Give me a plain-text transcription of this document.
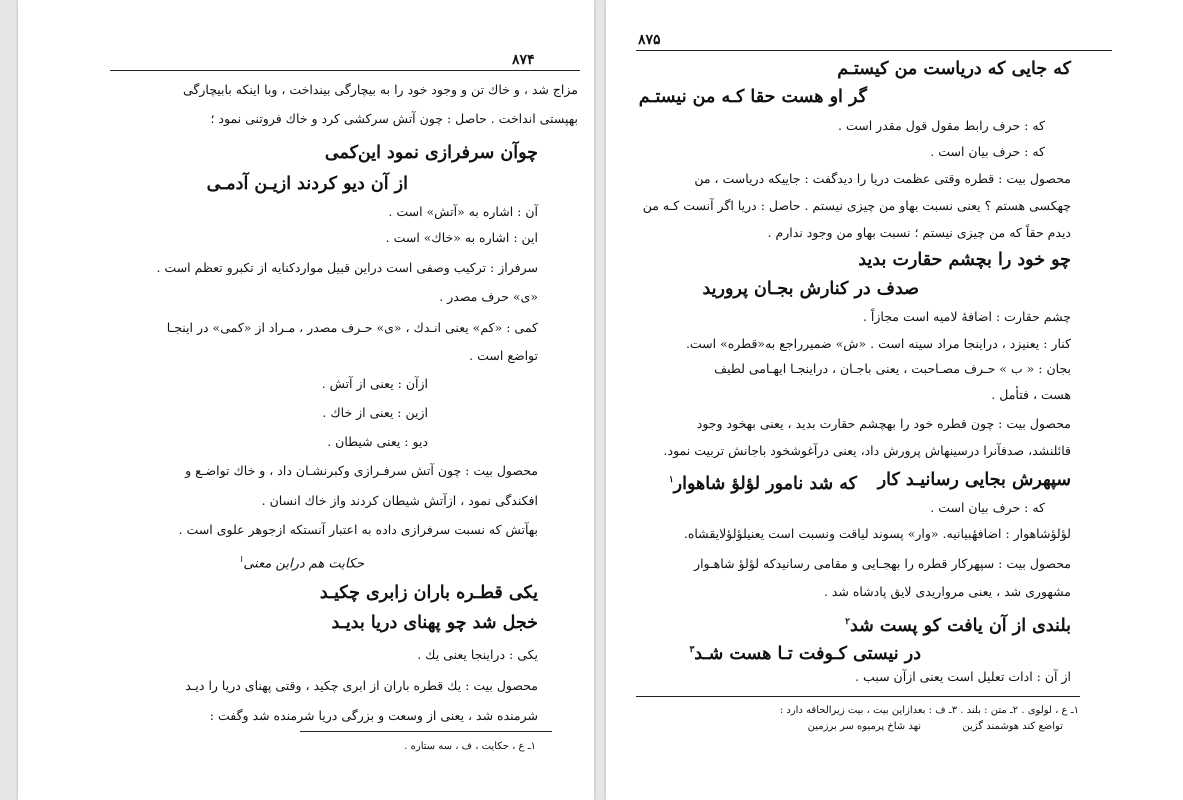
۸۷۴
مزاج شد ، و خاك تن و وجود خود را به بیچارگی بینداخت ، وبا اینکه بابیچارگی
بهپستی انداخت . حاصل : چون آتش سرکشی کرد و خاك فروتنی نمود ؛
چوآن سرفرازی نمود این‌کمی
از آن دیو کردند ازیـن آدمـی
آن : اشاره به «آتش» است .
این : اشاره به «خاك» است .
سرفراز : ترکیب وصفی است دراین قبیل مواردکنایه از تکبرو تعظم است .
«ی» حرف مصدر .
کمی : «کم» یعنی انـدك ، «ی» حـرف مصدر ، مـراد از «کمی» در اینجـا
تواضع است .
ازآن : یعنی از آتش .
ازین : یعنی از خاك .
دیو : یعنی شیطان .
محصول بیت : چون آتش سرفـرازی وکبرنشـان داد ، و خاك تواضـع و
افکندگی نمود ، ازآتش شیطان کردند واز خاك انسان .
بهآتش که نسبت سرفرازی داده به اعتبار آنستکه ازجوهر علوی است .
حکایت هم دراین معنی$^۱$
یکی قطـره باران زابری چکیـد
خجل شد چو پهنای دریا بدیـد
یکی : دراینجا یعنی یك .
محصول بیت : یك قطره باران از ابری چکید ، وقتی پهنای دریا را دیـد
شرمنده شد ، یعنی از وسعت و بزرگی دریا شرمنده شد وگفت :
۱ـ ع ، حکایت ، ف ، سه ستاره .
۸۷۵
که جایی که دریاست من کیستـم
گر او هست حقا کـه من نیستـم
که : حرف رابط مقول قول مقدر است .
که : حرف بیان است .
محصول بیت : قطره وقتی عظمت دریا را دیدگفت : جاییکه دریاست ، من
چهکسی هستم ؟ یعنی نسبت بهاو من چیزی نیستم . حاصل : دریا اگر آنست کـه من
دیدم حقاً که من چیزی نیستم ؛ نسبت بهاو من وجود ندارم .
چو خود را بچشم حقارت بدید
صدف در کنارش بجـان پرورید
چشم حقارت : اضافهٔ لامیه است مجازاً .
کنار : یعنیزد ، دراینجا مراد سینه است . «ش» ضمیرراجع به«قطره» است.
بجان : « ب » حـرف مصـاحبت ، یعنی باجـان ، دراینجـا ایهـامی لطیف
هست ، فتأمل .
محصول بیت : چون قطره خود را بهچشم حقارت بدید ، یعنی بهخود وجود
قائلنشد، صدفآنرا درسینهاش پرورش داد، یعنی درآغوشخود باجانش تربیت نمود.
سپهرش بجایی رسانیـد کار
که شد نامور لؤلؤ شاهوار$^۱$
که : حرف بیان است .
لؤلؤشاهوار : اضافهٔبیانیه. «وار» پسوند لیاقت ونسبت است یعنیلؤلؤلایقشاه.
محصول بیت : سپهرکار قطره را بهجـایی و مقامی رسانیدکه لؤلؤ شاهـوار
مشهوری شد ، یعنی مرواریدی لایق پادشاه شد .
بلندی از آن یافت کو پست شد$^۲$
در نیستی کـوفت تـا هست شـد$^۳$
از آن : ادات تعلیل است یعنی ازآن سبب .
۱ـ ع ، لولوی . ۲ـ متن : بلند . ۳ـ ف : بعدازاین بیت ، بیت زیرالحاقه دارد :
تواضع کند هوشمند گزین
نهد شاخ پرمیوه سر برزمین
